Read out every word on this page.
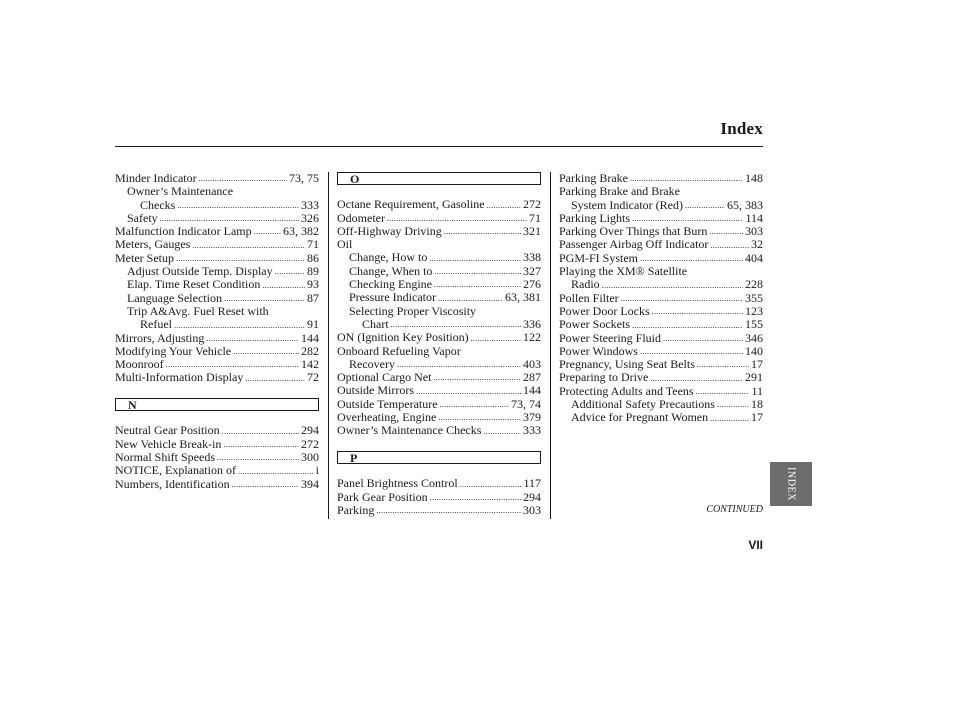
Index
Minder Indicator .....	73, 75
Owner’s Maintenance
Checks .....	333
Safety .....	326
Malfunction Indicator Lamp .....	63, 382
Meters, Gauges .....	71
Meter Setup .....	86
Adjust Outside Temp. Display .....	89
Elap. Time Reset Condition .....	93
Language Selection .....	87
Trip A&Avg. Fuel Reset with
Refuel .....	91
Mirrors, Adjusting .....	144
Modifying Your Vehicle .....	282
Moonroof .....	142
Multi-Information Display .....	72
N
Neutral Gear Position .....	294
New Vehicle Break-in .....	272
Normal Shift Speeds .....	300
NOTICE, Explanation of .....	i
Numbers, Identification .....	394
O
Octane Requirement, Gasoline .....	272
Odometer .....	71
Off-Highway Driving .....	321
Oil
Change, How to .....	338
Change, When to .....	327
Checking Engine .....	276
Pressure Indicator .....	63, 381
Selecting Proper Viscosity
Chart .....	336
ON (Ignition Key Position) .....	122
Onboard Refueling Vapor
Recovery .....	403
Optional Cargo Net .....	287
Outside Mirrors .....	144
Outside Temperature .....	73, 74
Overheating, Engine .....	379
Owner’s Maintenance Checks .....	333
P
Panel Brightness Control .....	117
Park Gear Position .....	294
Parking .....	303
Parking Brake .....	148
Parking Brake and Brake
System Indicator (Red) .....	65, 383
Parking Lights .....	114
Parking Over Things that Burn .....	303
Passenger Airbag Off Indicator .....	32
PGM-FI System .....	404
Playing the XM® Satellite
Radio .....	228
Pollen Filter .....	355
Power Door Locks .....	123
Power Sockets .....	155
Power Steering Fluid .....	346
Power Windows .....	140
Pregnancy, Using Seat Belts .....	17
Preparing to Drive .....	291
Protecting Adults and Teens .....	11
Additional Safety Precautions .....	18
Advice for Pregnant Women .....	17
INDEX
CONTINUED
VII
